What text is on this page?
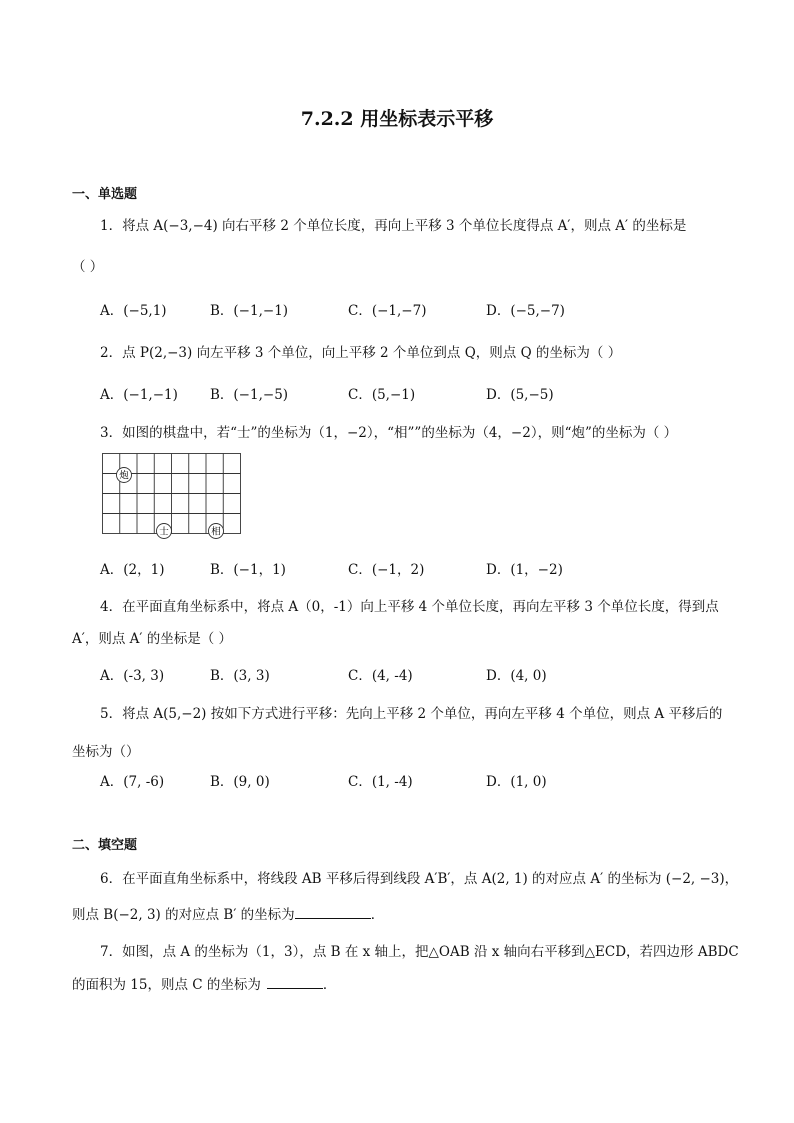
7.2.2 用坐标表示平移
一、单选题
1．将点 A(−3,−4) 向右平移 2 个单位长度，再向上平移 3 个单位长度得点 A′，则点 A′ 的坐标是
（ ）
A．(−5,1)	B．(−1,−1)	C．(−1,−7)	D．(−5,−7)
2．点 P(2,−3) 向左平移 3 个单位，向上平移 2 个单位到点 Q，则点 Q 的坐标为（ ）
A．(−1,−1) B．(−1,−5)	C．(5,−1)	D．(5,−5)
3．如图的棋盘中，若“士”的坐标为（1，−2），“相””的坐标为（4，−2），则“炮”的坐标为（ ）
炮
士	相
A．(2，1)	B．(−1，1)	C．(−1，2)	D．(1，−2)
4．在平面直角坐标系中，将点 A（0，-1）向上平移 4 个单位长度，再向左平移 3 个单位长度，得到点
A′，则点 A′ 的坐标是（ ）
A．(-3, 3)	B．(3, 3)	C．(4, -4)	D．(4, 0)
5．将点 A(5,−2) 按如下方式进行平移：先向上平移 2 个单位，再向左平移 4 个单位，则点 A 平移后的
坐标为（）
A．(7, -6)	B．(9, 0)	C．(1, -4)	D．(1, 0)
二、填空题
6．在平面直角坐标系中，将线段 AB 平移后得到线段 A′B′，点 A(2, 1) 的对应点 A′ 的坐标为 (−2, −3)，
则点 B(−2, 3) 的对应点 B′ 的坐标为	．
7．如图，点 A 的坐标为（1，3），点 B 在 x 轴上，把△OAB 沿 x 轴向右平移到△ECD，若四边形 ABDC
的面积为 15，则点 C 的坐标为	．
